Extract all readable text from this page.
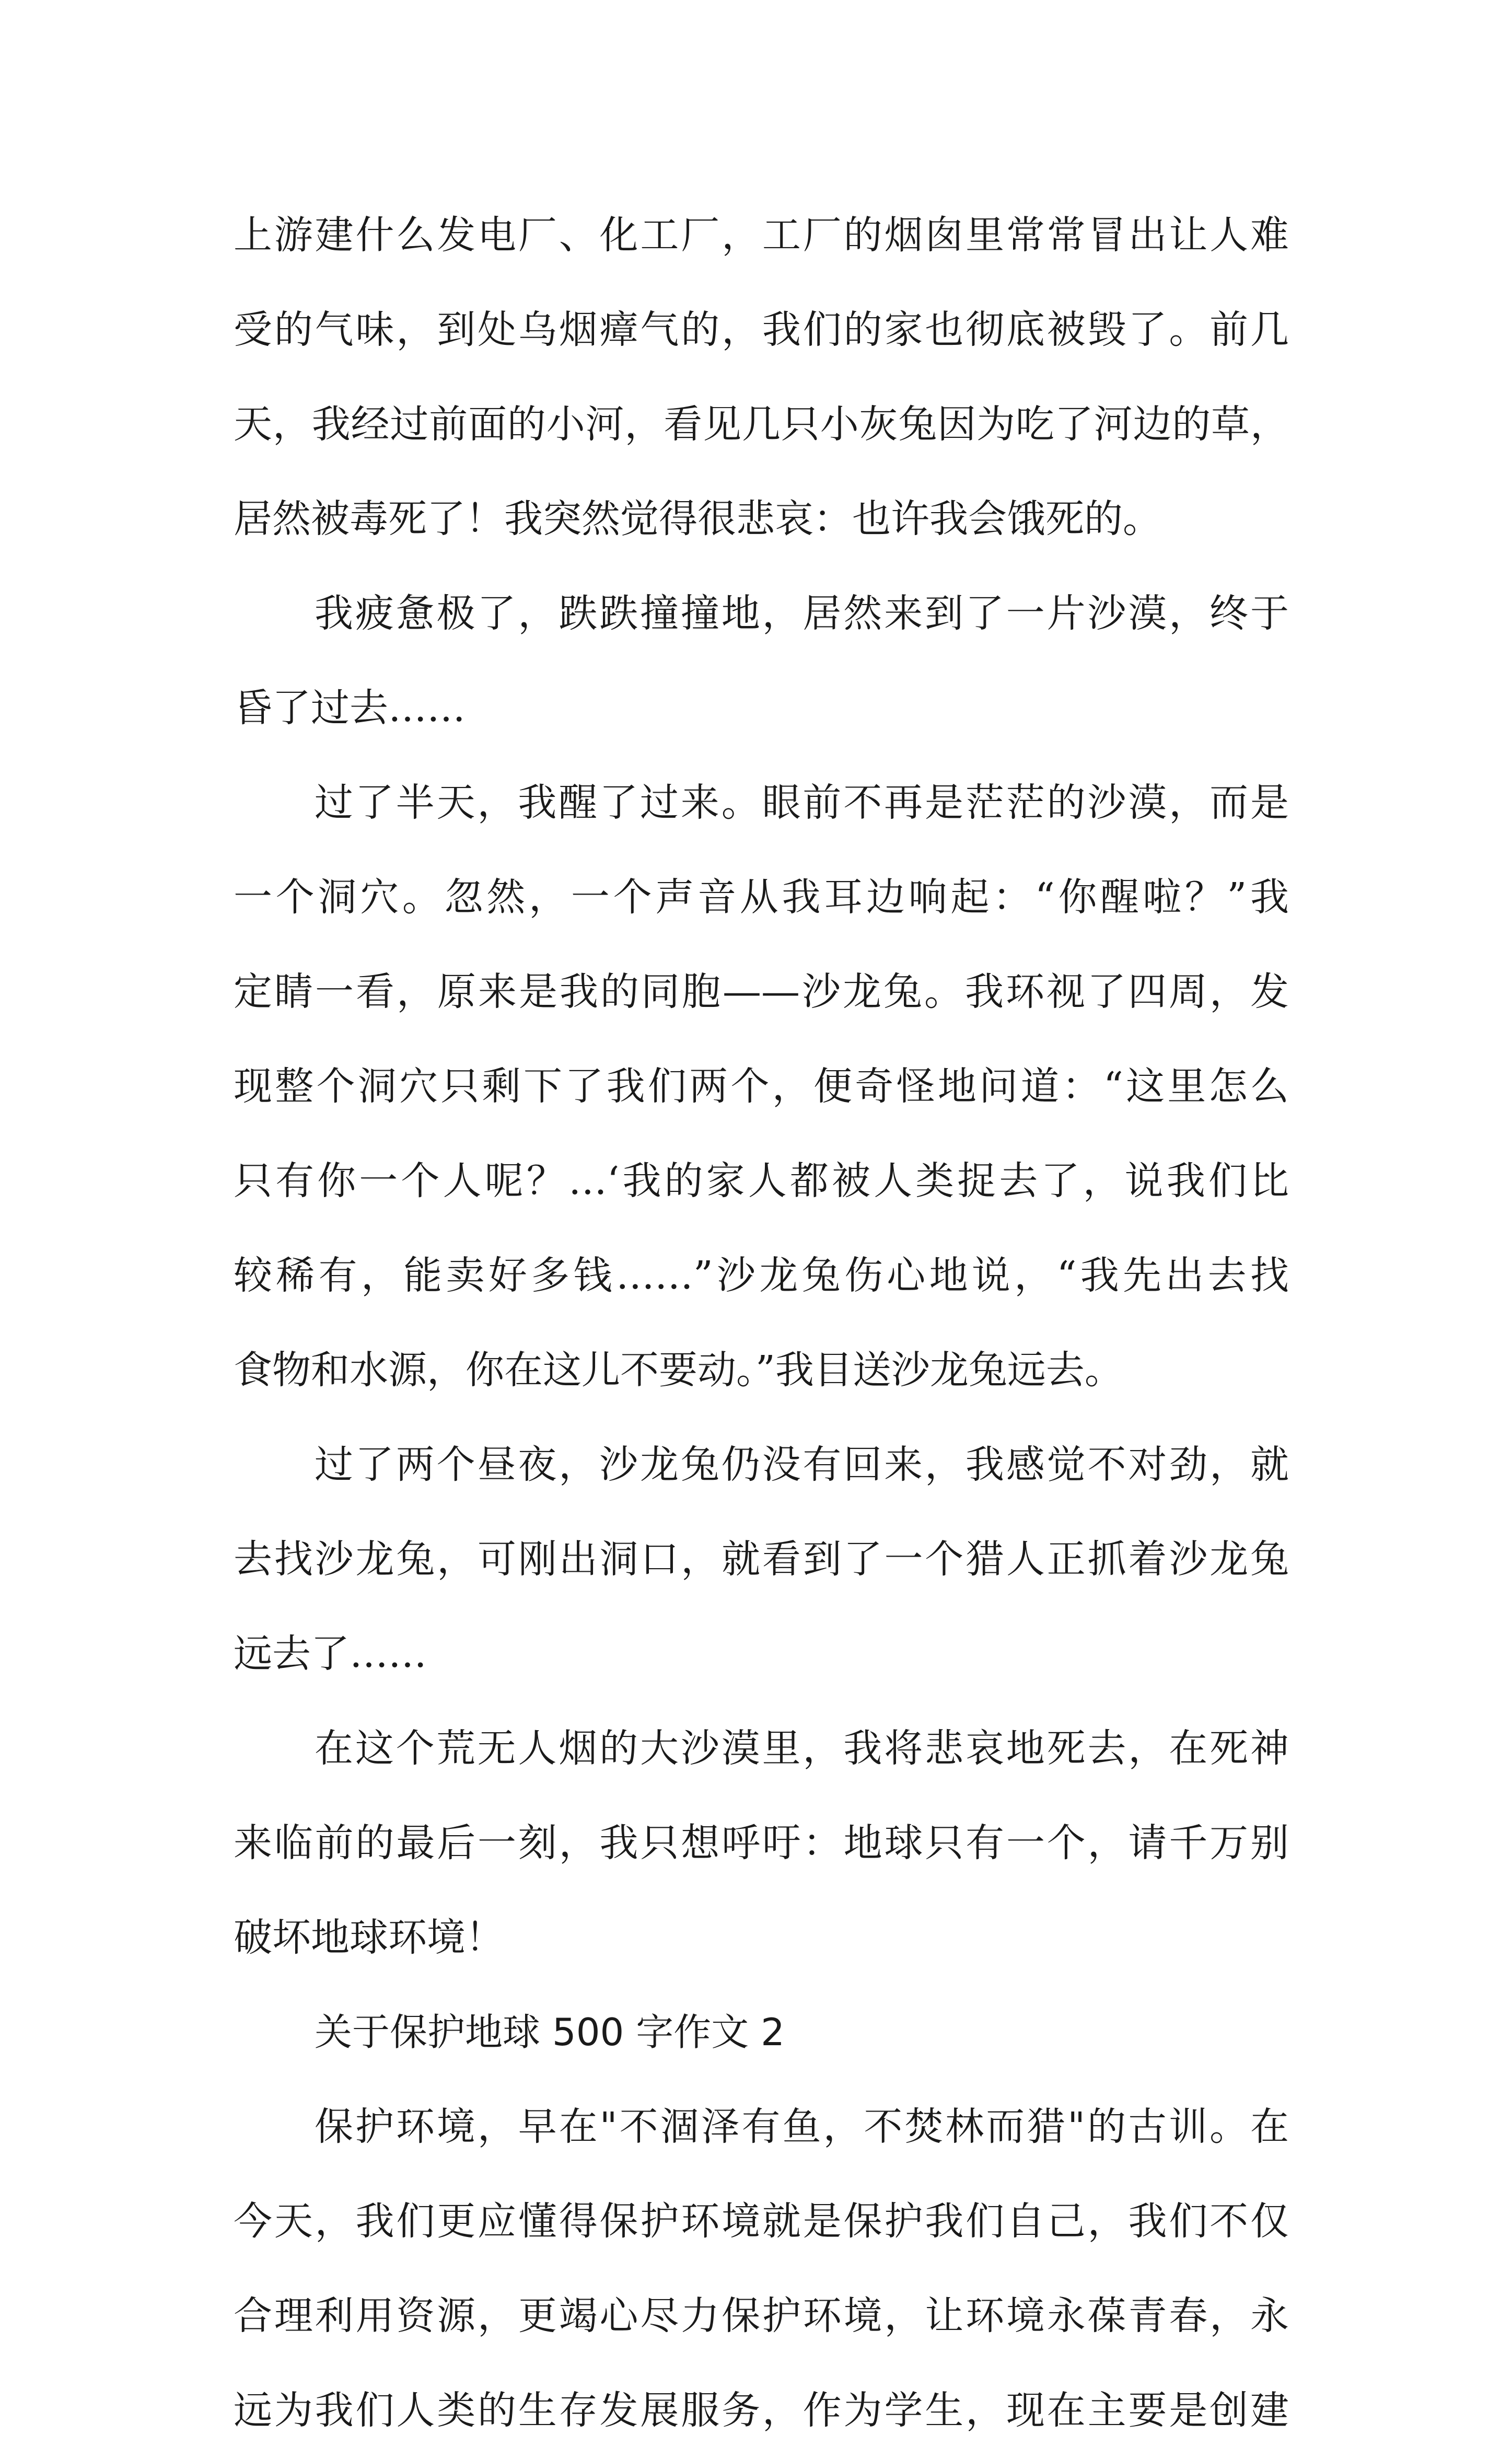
上游建什么发电厂、化工厂，工厂的烟囱里常常冒出让人难
受的气味，到处乌烟瘴气的，我们的家也彻底被毁了。前几
天，我经过前面的小河，看见几只小灰兔因为吃了河边的草，
居然被毒死了！我突然觉得很悲哀：也许我会饿死的。
我疲惫极了，跌跌撞撞地，居然来到了一片沙漠，终于
昏了过去……
过了半天，我醒了过来。眼前不再是茫茫的沙漠，而是
一个洞穴。忽然，一个声音从我耳边响起：“你醒啦？”我
定睛一看，原来是我的同胞——沙龙兔。我环视了四周，发
现整个洞穴只剩下了我们两个，便奇怪地问道：“这里怎么
只有你一个人呢？…‘我的家人都被人类捉去了，说我们比
较稀有，能卖好多钱……”沙龙兔伤心地说，“我先出去找
食物和水源，你在这儿不要动。”我目送沙龙兔远去。
过了两个昼夜，沙龙兔仍没有回来，我感觉不对劲，就
去找沙龙兔，可刚出洞口，就看到了一个猎人正抓着沙龙兔
远去了……
在这个荒无人烟的大沙漠里，我将悲哀地死去，在死神
来临前的最后一刻，我只想呼吁：地球只有一个，请千万别
破坏地球环境！
关于保护地球 500 字作文 2
保护环境，早在"不涸泽有鱼，不焚林而猎"的古训。在
今天，我们更应懂得保护环境就是保护我们自己，我们不仅
合理利用资源，更竭心尽力保护环境，让环境永葆青春，永
远为我们人类的生存发展服务，作为学生，现在主要是创建
